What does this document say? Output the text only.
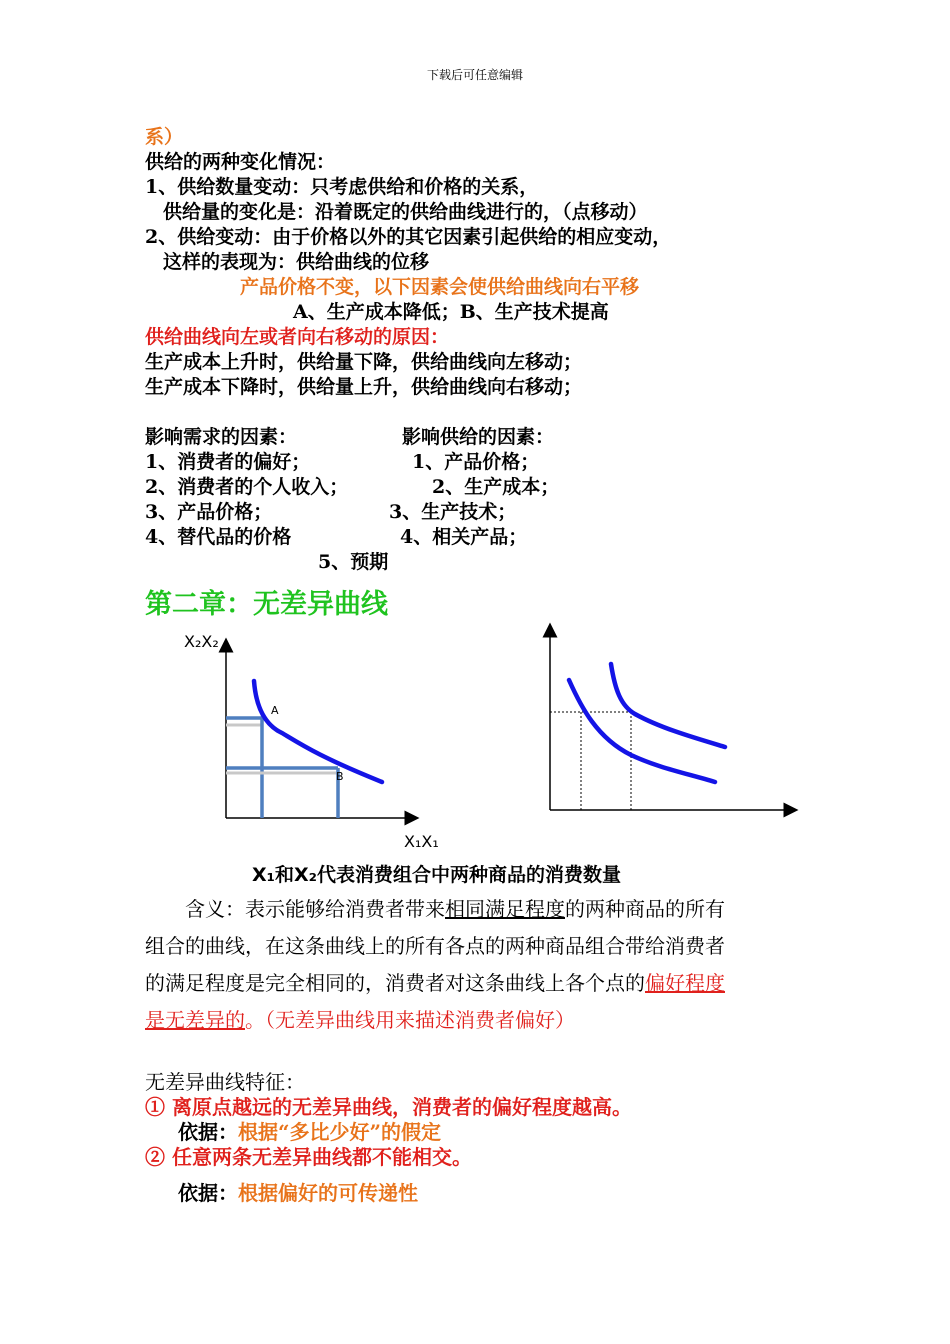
下载后可任意编辑
系）
供给的两种变化情况：
1、供给数量变动：只考虑供给和价格的关系，
供给量的变化是：沿着既定的供给曲线进行的，（点移动）
2、供给变动：由于价格以外的其它因素引起供给的相应变动，
这样的表现为：供给曲线的位移
产品价格不变，以下因素会使供给曲线向右平移
A、生产成本降低；B、生产技术提高
供给曲线向左或者向右移动的原因：
生产成本上升时，供给量下降，供给曲线向左移动；
生产成本下降时，供给量上升，供给曲线向右移动；
影响需求的因素：
1、消费者的偏好；
2、消费者的个人收入；
3、产品价格；
4、替代品的价格
影响供给的因素：
1、产品价格；
2、生产成本；
3、生产技术；
4、相关产品；
5、预期
第二章：无差异曲线
X₂X₂
X₁X₁
A
B
X₁和X₂代表消费组合中两种商品的消费数量
含义：表示能够给消费者带来相同满足程度的两种商品的所有
组合的曲线，在这条曲线上的所有各点的两种商品组合带给消费者
的满足程度是完全相同的，消费者对这条曲线上各个点的偏好程度
是无差异的。（无差异曲线用来描述消费者偏好）
无差异曲线特征：
① 离原点越远的无差异曲线，消费者的偏好程度越高。
依据：根据“多比少好”的假定
② 任意两条无差异曲线都不能相交。
依据：根据偏好的可传递性
